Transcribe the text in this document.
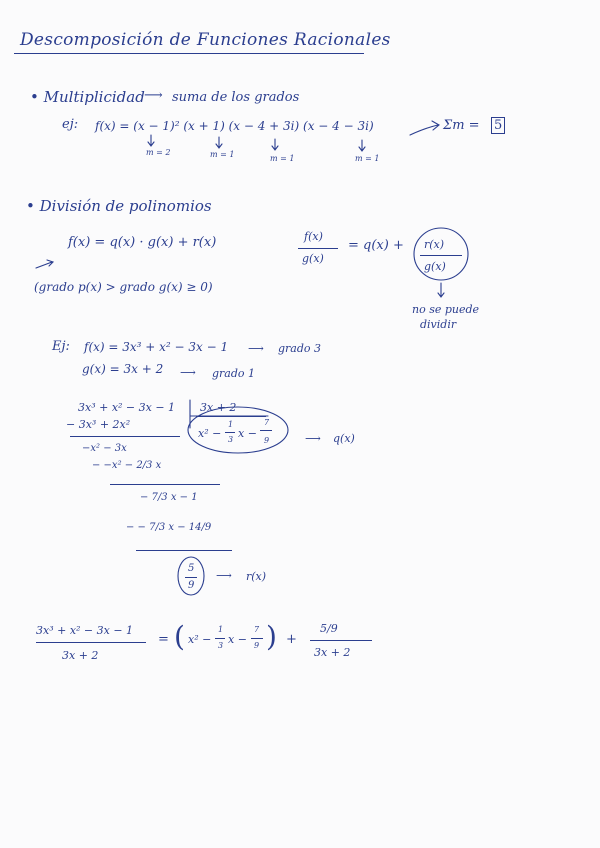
Descomposición de Funciones Racionales
• Multiplicidad ⟶ suma de los grados
ej: f(x) = (x − 1)² (x + 1) (x − 4 + 3i) (x − 4 − 3i)	Σm = 5
m = 2	m = 1	m = 1	m = 1
• División de polinomios
f(x) = q(x) · g(x) + r(x)	f(x)
g(x)
= q(x) + r(x)
g(x)
(grado p(x) > grado g(x) ≥ 0)
no se puede
dividir
Ej: f(x) = 3x³ + x² − 3x − 1 ⟶ grado 3
g(x) = 3x + 2 ⟶ grado 1
3x³ + x² − 3x − 1 3x + 2
− 3x³ + 2x²
−x² − 3x
− −x² − 2/3 x
− 7/3 x − 1
− − 7/3 x − 14/9
x² −
1
3 x −
7
9	⟶ q(x)
5
9
⟶ r(x)
3x³ + x² − 3x − 1
3x + 2
= ( x² −
1
3 x −
7
9 ) +
5/9
3x + 2
